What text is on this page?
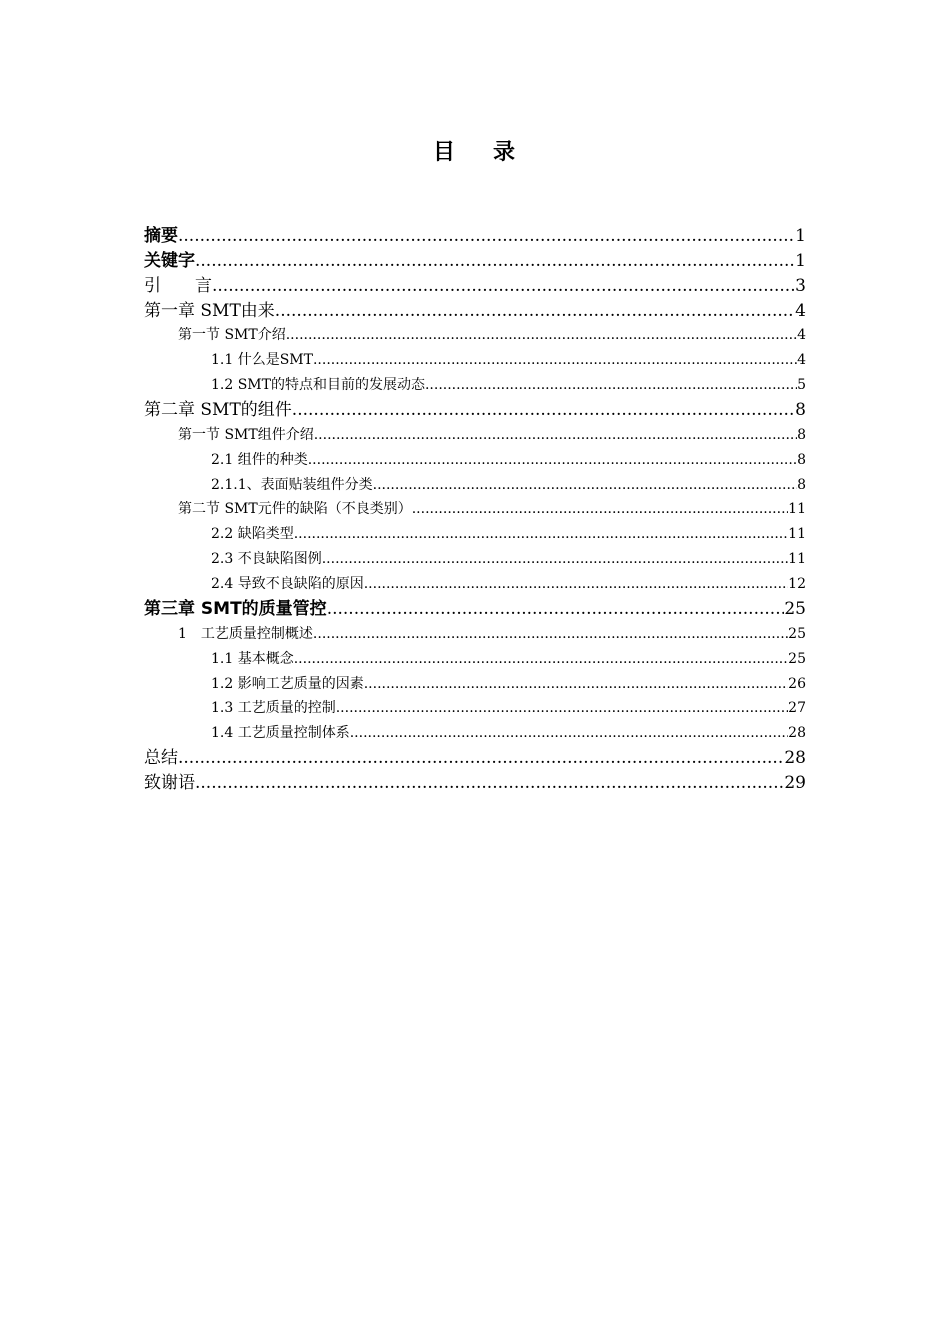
目 录
摘要 .....	1
关键字 .....	1
引　　言 .....	3
第一章 SMT由来 .....	4
第一节 SMT介绍 .....	4
1.1 什么是SMT .....	4
1.2 SMT的特点和目前的发展动态 .....	5
第二章 SMT的组件 .....	8
第一节 SMT组件介绍 .....	8
2.1 组件的种类 .....	8
2.1.1、表面贴装组件分类 .....	8
第二节 SMT元件的缺陷（不良类别） .....	11
2.2 缺陷类型 .....	11
2.3 不良缺陷图例 .....	11
2.4 导致不良缺陷的原因 .....	12
第三章 SMT的质量管控 .....	25
1　工艺质量控制概述 .....	25
1.1 基本概念 .....	25
1.2 影响工艺质量的因素 .....	26
1.3 工艺质量的控制 .....	27
1.4 工艺质量控制体系 .....	28
总结 .....	28
致谢语 .....	29
